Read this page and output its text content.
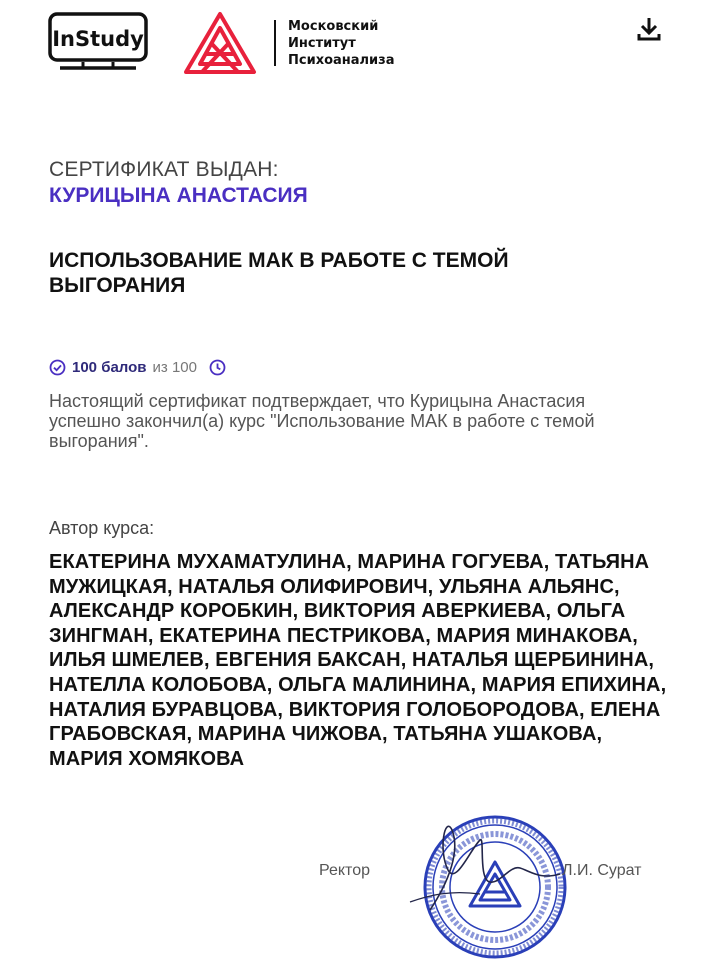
InStudy
Московский
Институт
Психоанализа
СЕРТИФИКАТ ВЫДАН:
КУРИЦЫНА АНАСТАСИЯ
ИСПОЛЬЗОВАНИЕ МАК В РАБОТЕ С ТЕМОЙ ВЫГОРАНИЯ
100 балов из 100
Настоящий сертификат подтверждает, что Курицына Анастасия успешно закончил(а) курс "Использование МАК в работе с темой выгорания".
Автор курса:
ЕКАТЕРИНА МУХАМАТУЛИНА, МАРИНА ГОГУЕВА, ТАТЬЯНА МУЖИЦКАЯ, НАТАЛЬЯ ОЛИФИРОВИЧ, УЛЬЯНА АЛЬЯНС, АЛЕКСАНДР КОРОБКИН, ВИКТОРИЯ АВЕРКИЕВА, ОЛЬГА ЗИНГМАН, ЕКАТЕРИНА ПЕСТРИКОВА, МАРИЯ МИНАКОВА, ИЛЬЯ ШМЕЛЕВ, ЕВГЕНИЯ БАКСАН, НАТАЛЬЯ ЩЕРБИНИНА, НАТЕЛЛА КОЛОБОВА, ОЛЬГА МАЛИНИНА, МАРИЯ ЕПИХИНА, НАТАЛИЯ БУРАВЦОВА, ВИКТОРИЯ ГОЛОБОРОДОВА, ЕЛЕНА ГРАБОВСКАЯ, МАРИНА ЧИЖОВА, ТАТЬЯНА УШАКОВА, МАРИЯ ХОМЯКОВА
Ректор	Л.И. Сурат
